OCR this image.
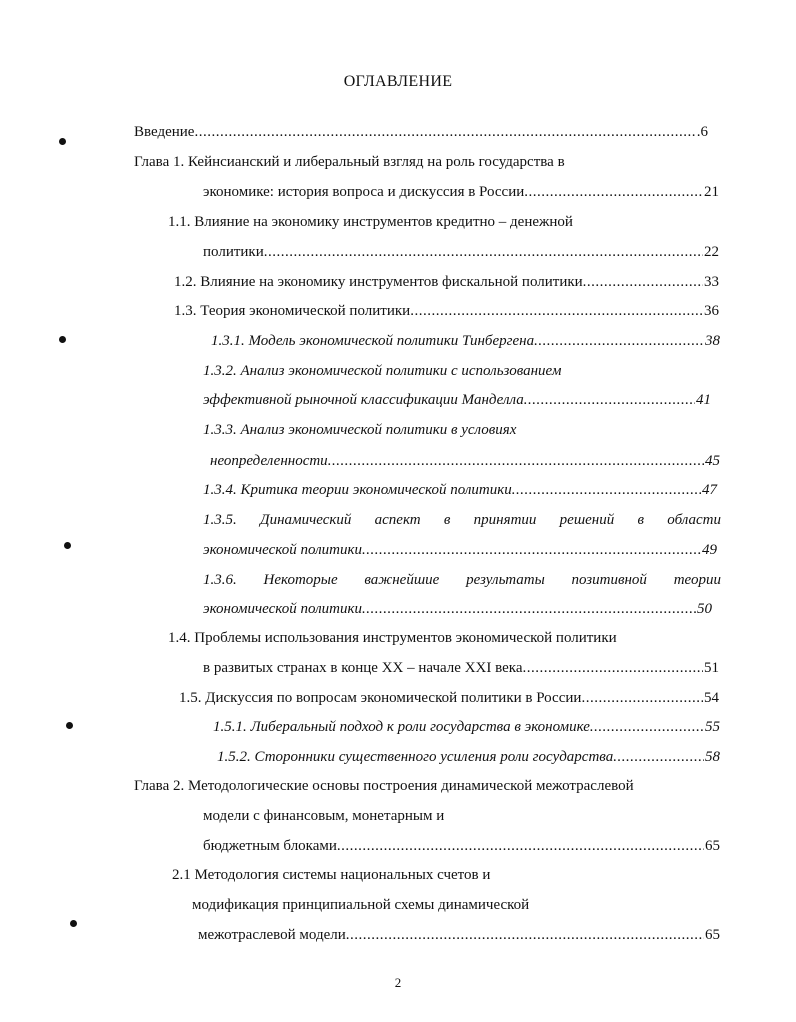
ОГЛАВЛЕНИЕ
Введение .....	.6
Глава 1. Кейнсианский и либеральный взгляд на роль государства в
экономике: история вопроса и дискуссия в России .....	21
1.1. Влияние на экономику инструментов кредитно – денежной
политики .....	22
1.2. Влияние на экономику инструментов фискальной политики .....	33
1.3. Теория экономической политики .....	36
1.3.1. Модель экономической политики Тинбергена .....	38
1.3.2. Анализ экономической политики с использованием
эффективной рыночной классификации Манделла .....	41
1.3.3. Анализ экономической политики в условиях
неопределенности .....	45
1.3.4. Критика теории экономической политики .....	47
1.3.5. Динамический аспект в принятии решений в области
экономической политики .....	49
1.3.6. Некоторые важнейшие результаты позитивной теории
экономической политики .....	50
1.4. Проблемы использования инструментов экономической политики
в развитых странах в конце XX – начале XXI века .....	51
1.5. Дискуссия по вопросам экономической политики в России .....	54
1.5.1. Либеральный подход к роли государства в экономике .....	55
1.5.2. Сторонники существенного усиления роли государства .....	58
Глава 2. Методологические основы построения динамической межотраслевой
модели с финансовым, монетарным и
бюджетным блоками .....	65
2.1 Методология системы национальных счетов и
модификация принципиальной схемы динамической
межотраслевой модели .....	65
2
